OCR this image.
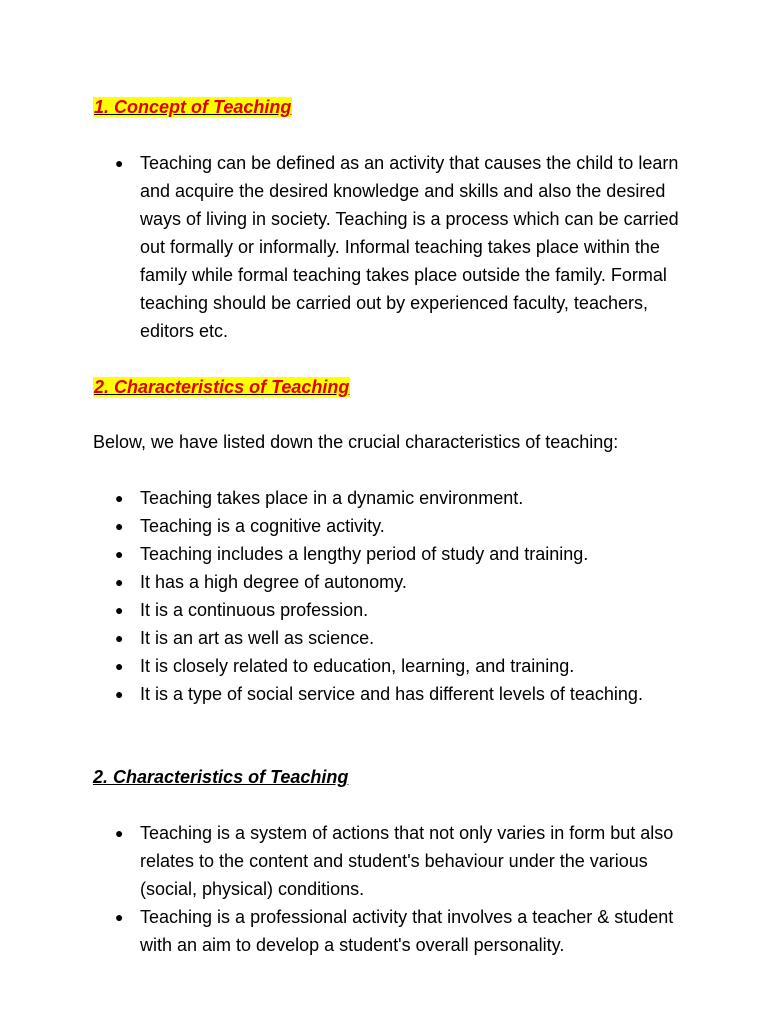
1. Concept of Teaching
● Teaching can be defined as an activity that causes the child to learn and acquire the desired knowledge and skills and also the desired ways of living in society. Teaching is a process which can be carried out formally or informally. Informal teaching takes place within the family while formal teaching takes place outside the family. Formal teaching should be carried out by experienced faculty, teachers, editors etc.
2. Characteristics of Teaching

Below, we have listed down the crucial characteristics of teaching:

● Teaching takes place in a dynamic environment.
● Teaching is a cognitive activity.
● Teaching includes a lengthy period of study and training.
● It has a high degree of autonomy.
● It is a continuous profession.
● It is an art as well as science.
● It is closely related to education, learning, and training.
● It is a type of social service and has different levels of teaching.
2. Characteristics of Teaching
● Teaching is a system of actions that not only varies in form but also relates to the content and student's behaviour under the various (social, physical) conditions.
● Teaching is a professional activity that involves a teacher & student with an aim to develop a student's overall personality.
